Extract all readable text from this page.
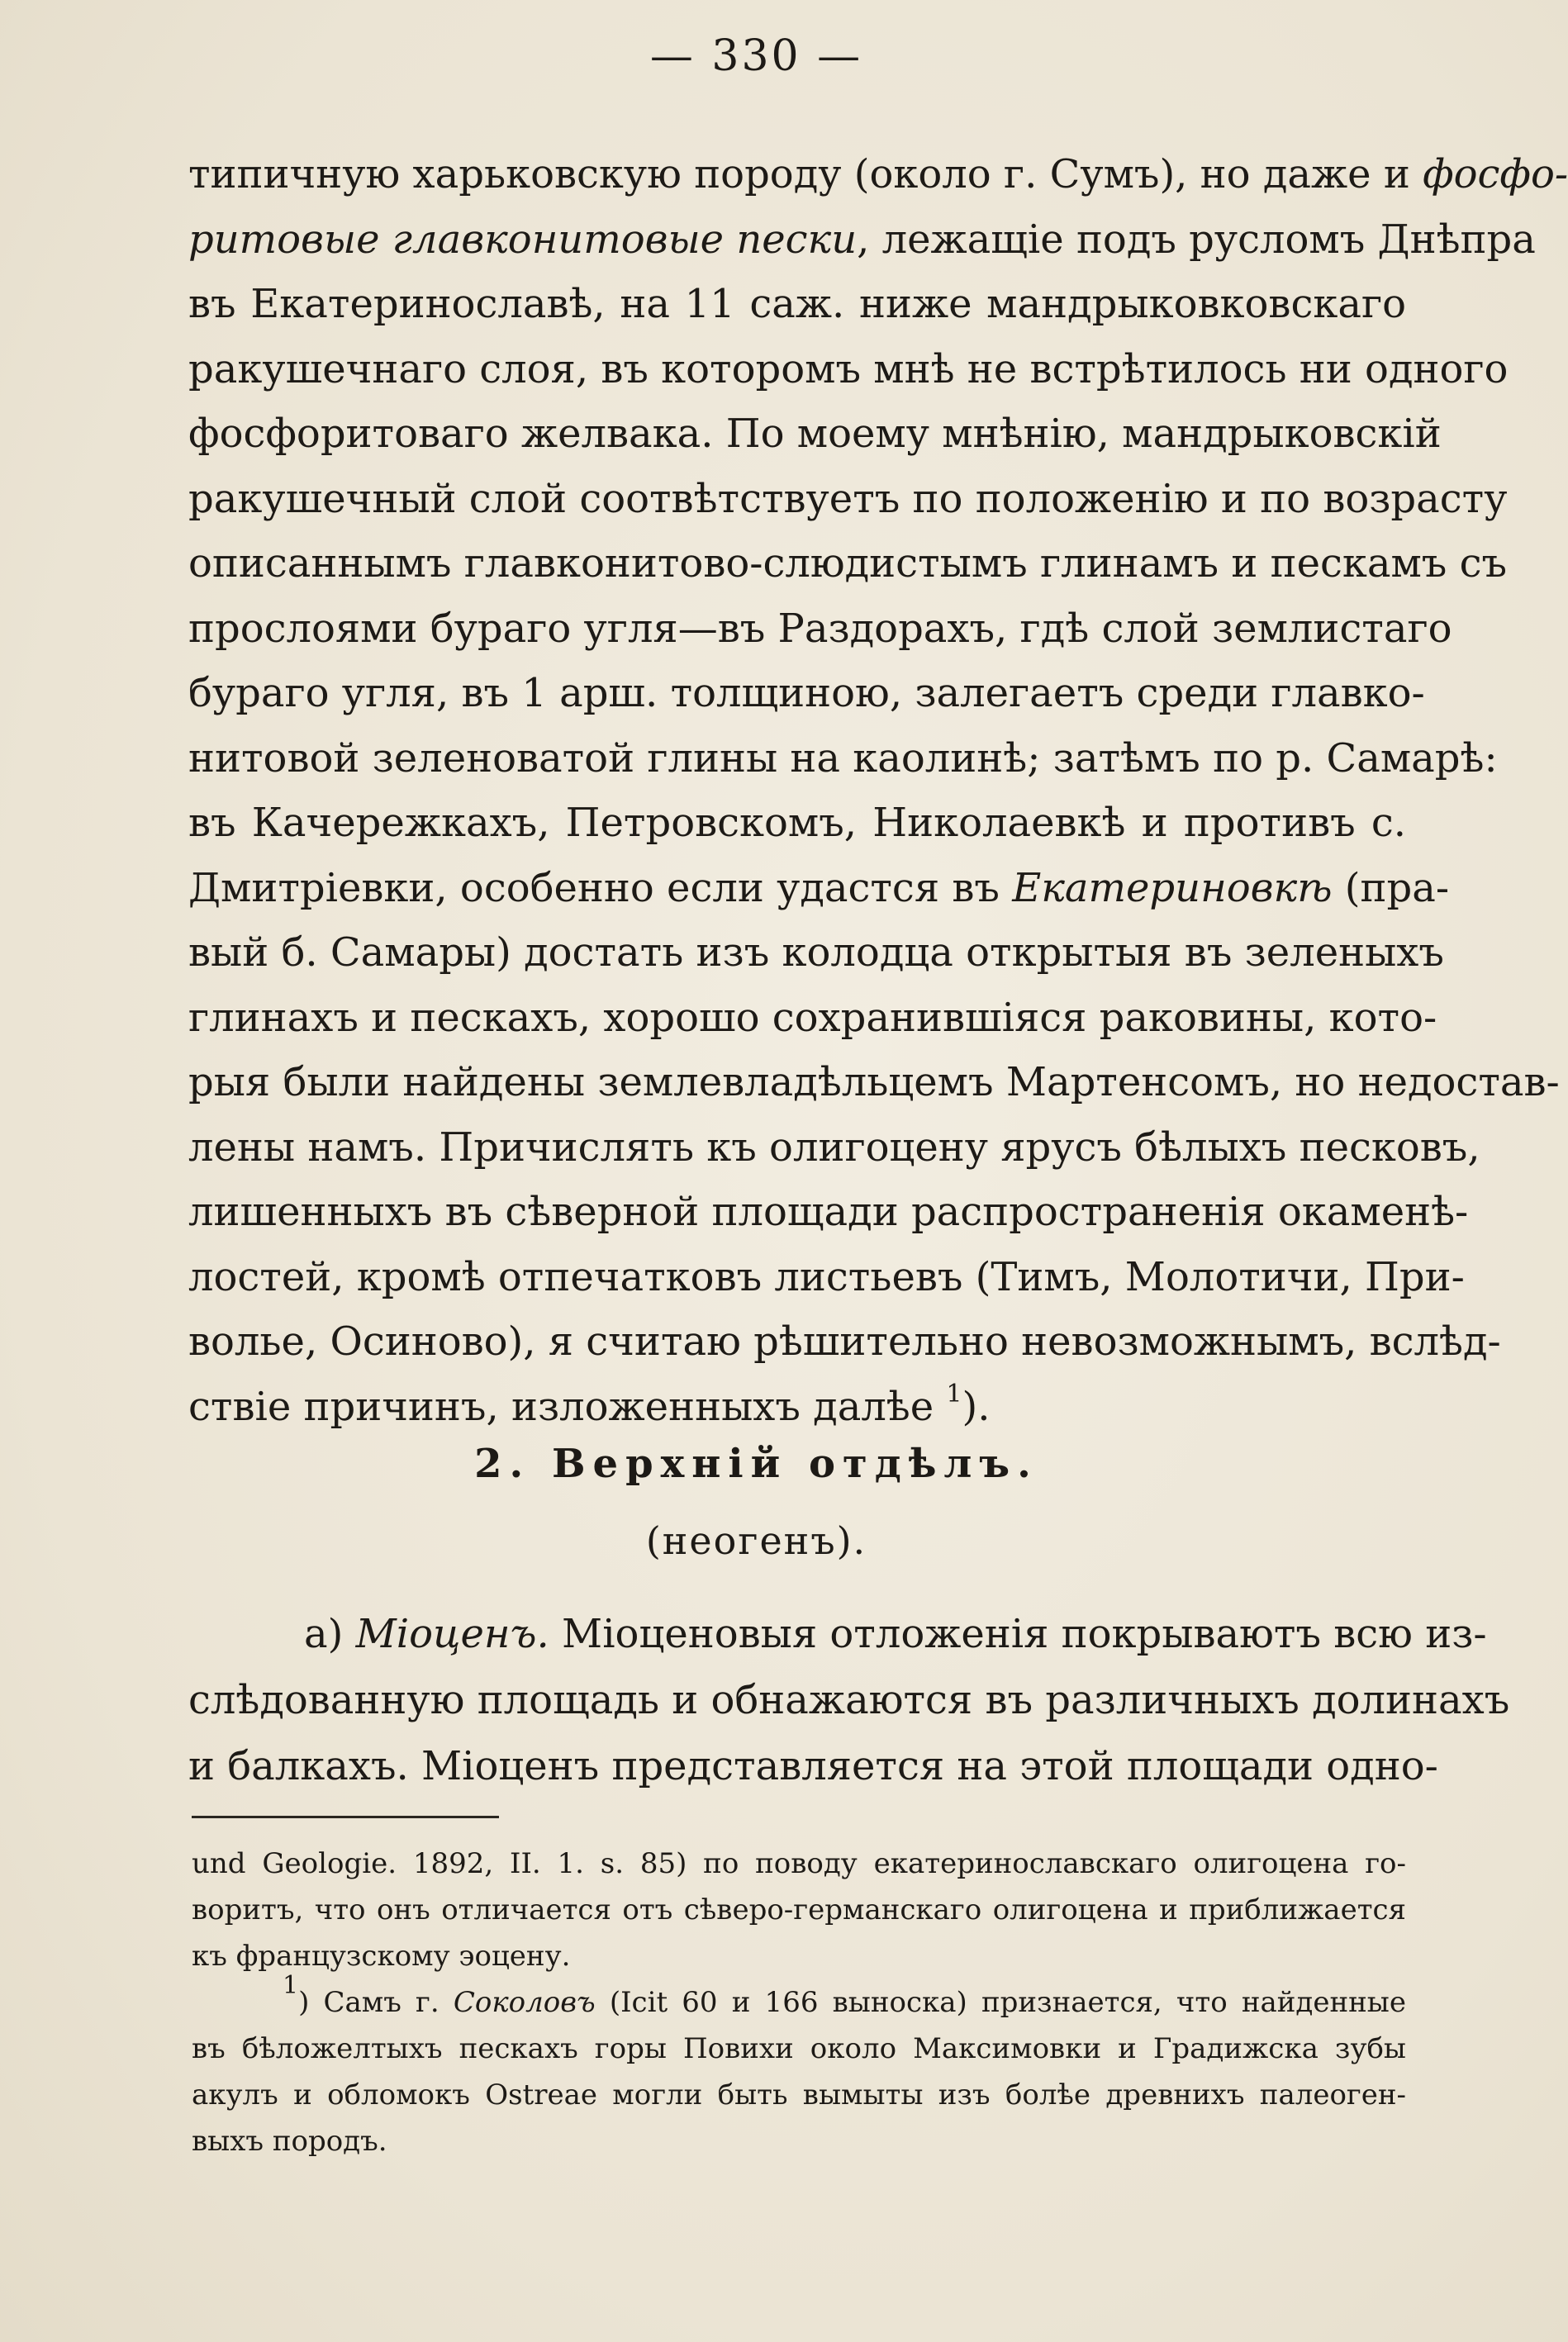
— 330 —
типичную харьковскую породу (около г. Сумъ), но даже и фосфо-
ритовые главконитовые пески, лежащіе подъ русломъ Днѣпра
въ Екатеринославѣ, на 11 саж. ниже мандрыковковскаго
ракушечнаго слоя, въ которомъ мнѣ не встрѣтилось ни одного
фосфоритоваго желвака. По моему мнѣнію, мандрыковскій
ракушечный слой соотвѣтствуетъ по положенію и по возрасту
описаннымъ главконитово-слюдистымъ глинамъ и пескамъ съ
прослоями бураго угля—въ Раздорахъ, гдѣ слой землистаго
бураго угля, въ 1 арш. толщиною, залегаетъ среди главко-
нитовой зеленоватой глины на каолинѣ; затѣмъ по р. Самарѣ:
въ Качережкахъ, Петровскомъ, Николаевкѣ и противъ с.
Дмитріевки, особенно если удастся въ Екатериновкѣ (пра-
вый б. Самары) достать изъ колодца открытыя въ зеленыхъ
глинахъ и пескахъ, хорошо сохранившіяся раковины, кото-
рыя были найдены землевладѣльцемъ Мартенсомъ, но недостав-
лены намъ. Причислять къ олигоцену ярусъ бѣлыхъ песковъ,
лишенныхъ въ сѣверной площади распространенія окаменѣ-
лостей, кромѣ отпечатковъ листьевъ (Тимъ, Молотичи, При-
волье, Осиново), я считаю рѣшительно невозможнымъ, вслѣд-
ствіе причинъ, изложенныхъ далѣе $^1$).
2. Верхній отдѣлъ.
(неогенъ).
а) Міоценъ. Міоценовыя отложенія покрываютъ всю из-
слѣдованную площадь и обнажаются въ различныхъ долинахъ
и балкахъ. Міоценъ представляется на этой площади одно-
und Geologie. 1892, II. 1. s. 85) по поводу екатеринославскаго олигоцена го-
воритъ, что онъ отличается отъ сѣверо-германскаго олигоцена и приближается
къ французскому эоцену.
$^1$) Самъ г. Соколовъ (Icit 60 и 166 выноска) признается, что найденные
въ бѣложелтыхъ пескахъ горы Повихи около Максимовки и Градижска зубы
акулъ и обломокъ Ostreae могли быть вымыты изъ болѣе древнихъ палеоген-
выхъ породъ.
